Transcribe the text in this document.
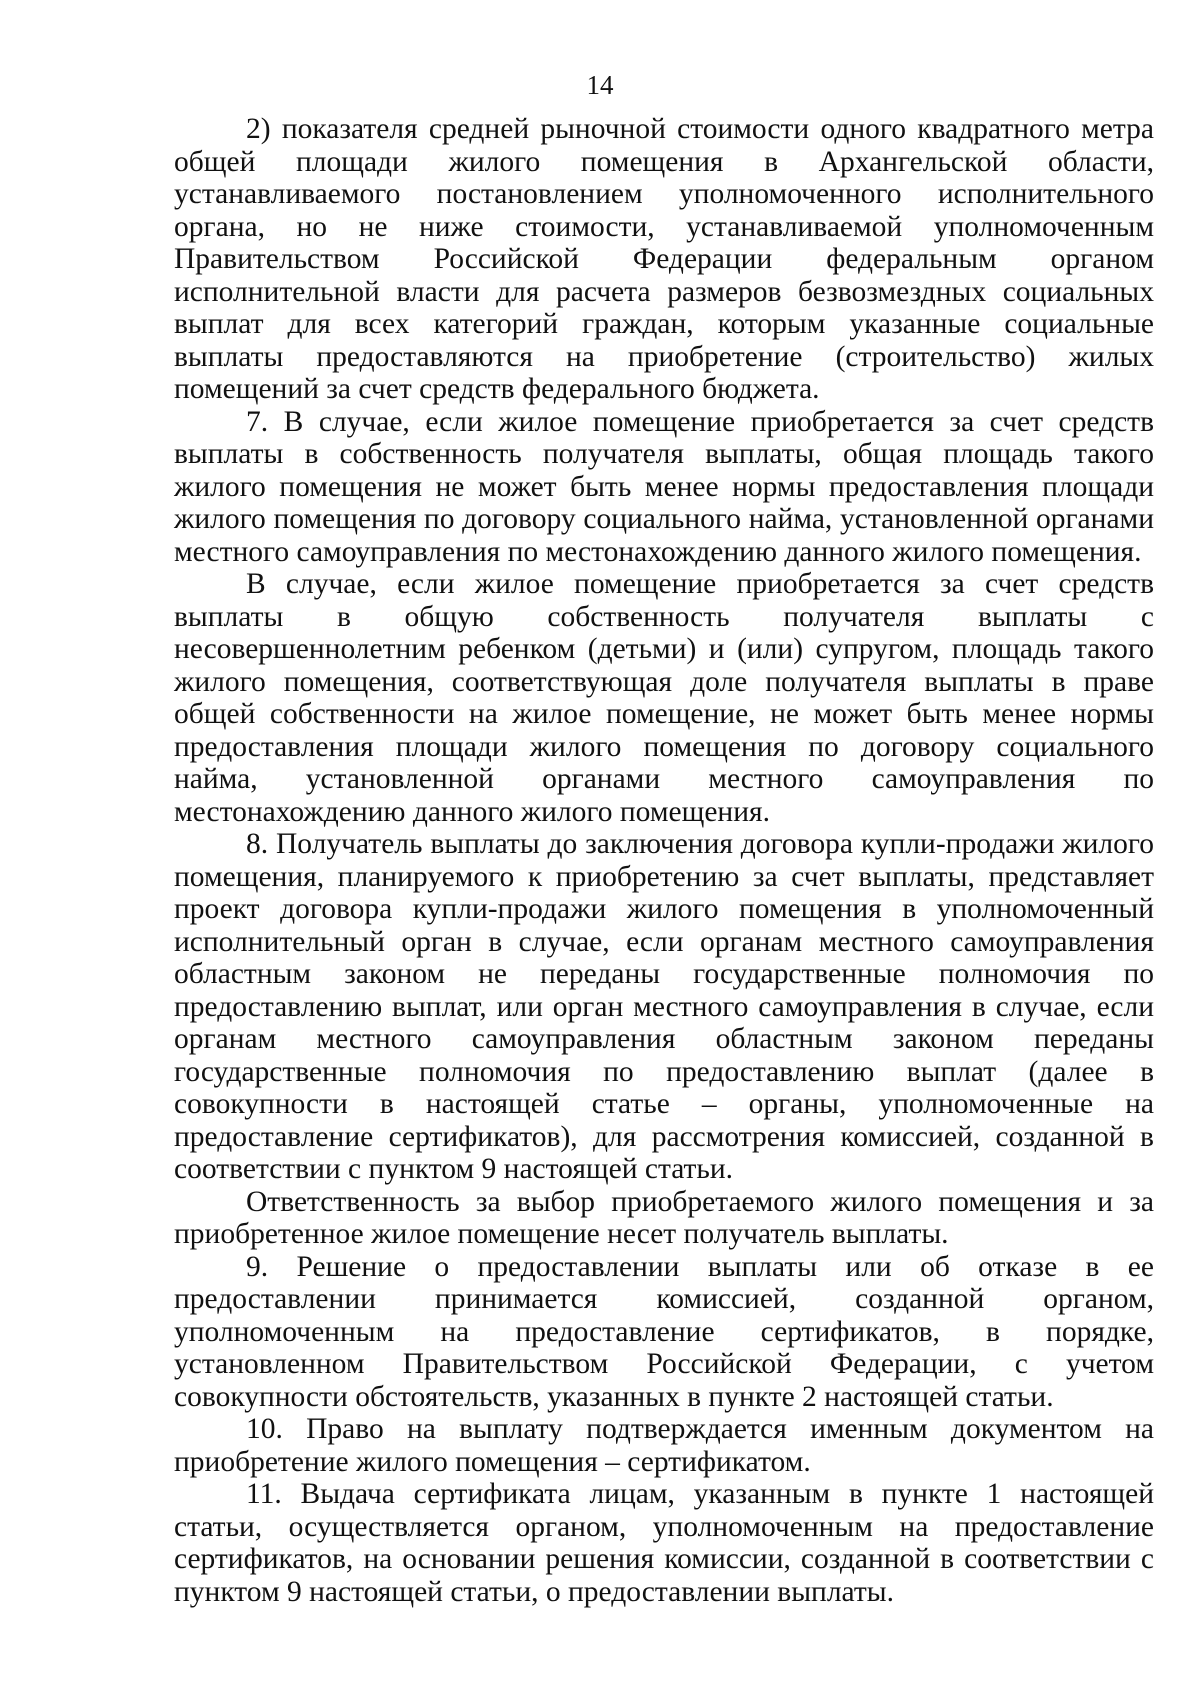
14

2) показателя средней рыночной стоимости одного квадратного метра общей площади жилого помещения в Архангельской области, устанавливаемого постановлением уполномоченного исполнительного органа, но не ниже стоимости, устанавливаемой уполномоченным Правительством Российской Федерации федеральным органом исполнительной власти для расчета размеров безвозмездных социальных выплат для всех категорий граждан, которым указанные социальные выплаты предоставляются на приобретение (строительство) жилых помещений за счет средств федерального бюджета.

7. В случае, если жилое помещение приобретается за счет средств выплаты в собственность получателя выплаты, общая площадь такого жилого помещения не может быть менее нормы предоставления площади жилого помещения по договору социального найма, установленной органами местного самоуправления по местонахождению данного жилого помещения.

В случае, если жилое помещение приобретается за счет средств выплаты в общую собственность получателя выплаты с несовершеннолетним ребенком (детьми) и (или) супругом, площадь такого жилого помещения, соответствующая доле получателя выплаты в праве общей собственности на жилое помещение, не может быть менее нормы предоставления площади жилого помещения по договору социального найма, установленной органами местного самоуправления по местонахождению данного жилого помещения.

8. Получатель выплаты до заключения договора купли-продажи жилого помещения, планируемого к приобретению за счет выплаты, представляет проект договора купли-продажи жилого помещения в уполномоченный исполнительный орган в случае, если органам местного самоуправления областным законом не переданы государственные полномочия по предоставлению выплат, или орган местного самоуправления в случае, если органам местного самоуправления областным законом переданы государственные полномочия по предоставлению выплат (далее в совокупности в настоящей статье – органы, уполномоченные на предоставление сертификатов), для рассмотрения комиссией, созданной в соответствии с пунктом 9 настоящей статьи.

Ответственность за выбор приобретаемого жилого помещения и за приобретенное жилое помещение несет получатель выплаты.

9. Решение о предоставлении выплаты или об отказе в ее предоставлении принимается комиссией, созданной органом, уполномоченным на предоставление сертификатов, в порядке, установленном Правительством Российской Федерации, с учетом совокупности обстоятельств, указанных в пункте 2 настоящей статьи.

10. Право на выплату подтверждается именным документом на приобретение жилого помещения – сертификатом.

11. Выдача сертификата лицам, указанным в пункте 1 настоящей статьи, осуществляется органом, уполномоченным на предоставление сертификатов, на основании решения комиссии, созданной в соответствии с пунктом 9 настоящей статьи, о предоставлении выплаты.
